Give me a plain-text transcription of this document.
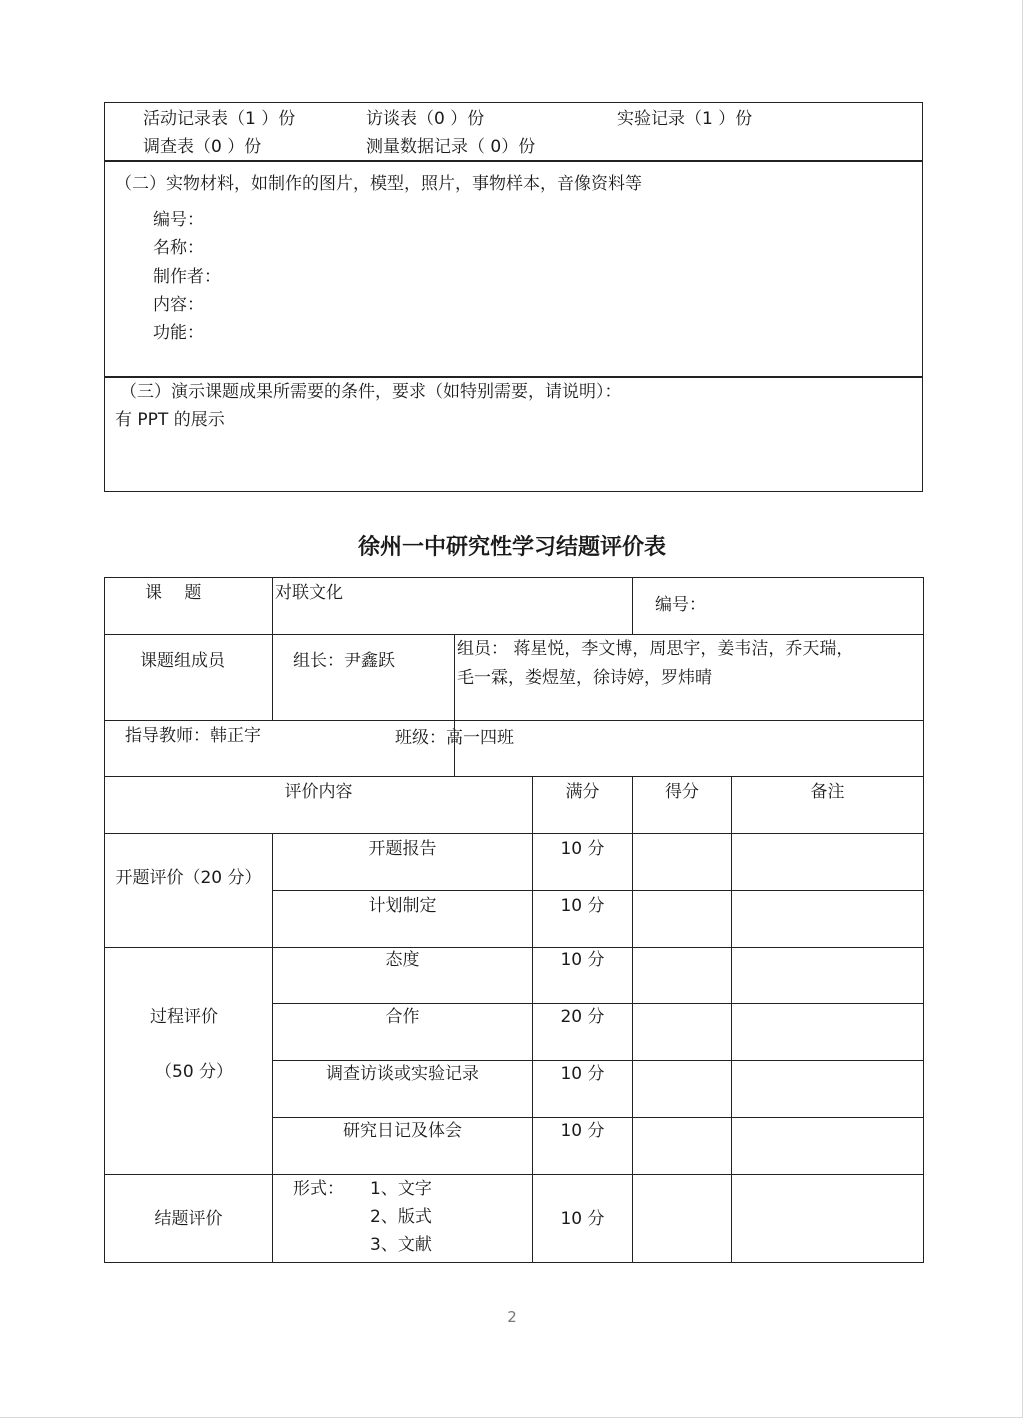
活动记录表（1 ）份	访谈表（0 ）份	实验记录（1 ）份
调查表（0 ）份	测量数据记录（ 0）份
（二）实物材料，如制作的图片，模型，照片，事物样本，音像资料等
编号：
名称：
制作者：
内容：
功能：
（三）演示课题成果所需要的条件，要求（如特别需要，请说明）：
有 PPT 的展示
徐州一中研究性学习结题评价表
课　 题	对联文化			编号：	

课题组成员	组长：尹鑫跃	组员： 蒋星悦，李文博，周思宇，姜韦洁，乔天瑞，
毛一霖，娄煜堃，徐诗婷，罗炜晴			

指导教师：韩正宇		班级：高一四班			

评价内容			满分	得分	备注
开题评价（20 分）	开题报告		10 分		
	计划制定		10 分		

过程评价
（50 分）	态度		10 分		
	合作		20 分		
	调查访谈或实验记录		10 分		
	研究日记及体会		10 分		
结题评价	形式： 1、文字
2、版式
3、文献		10 分		
2
